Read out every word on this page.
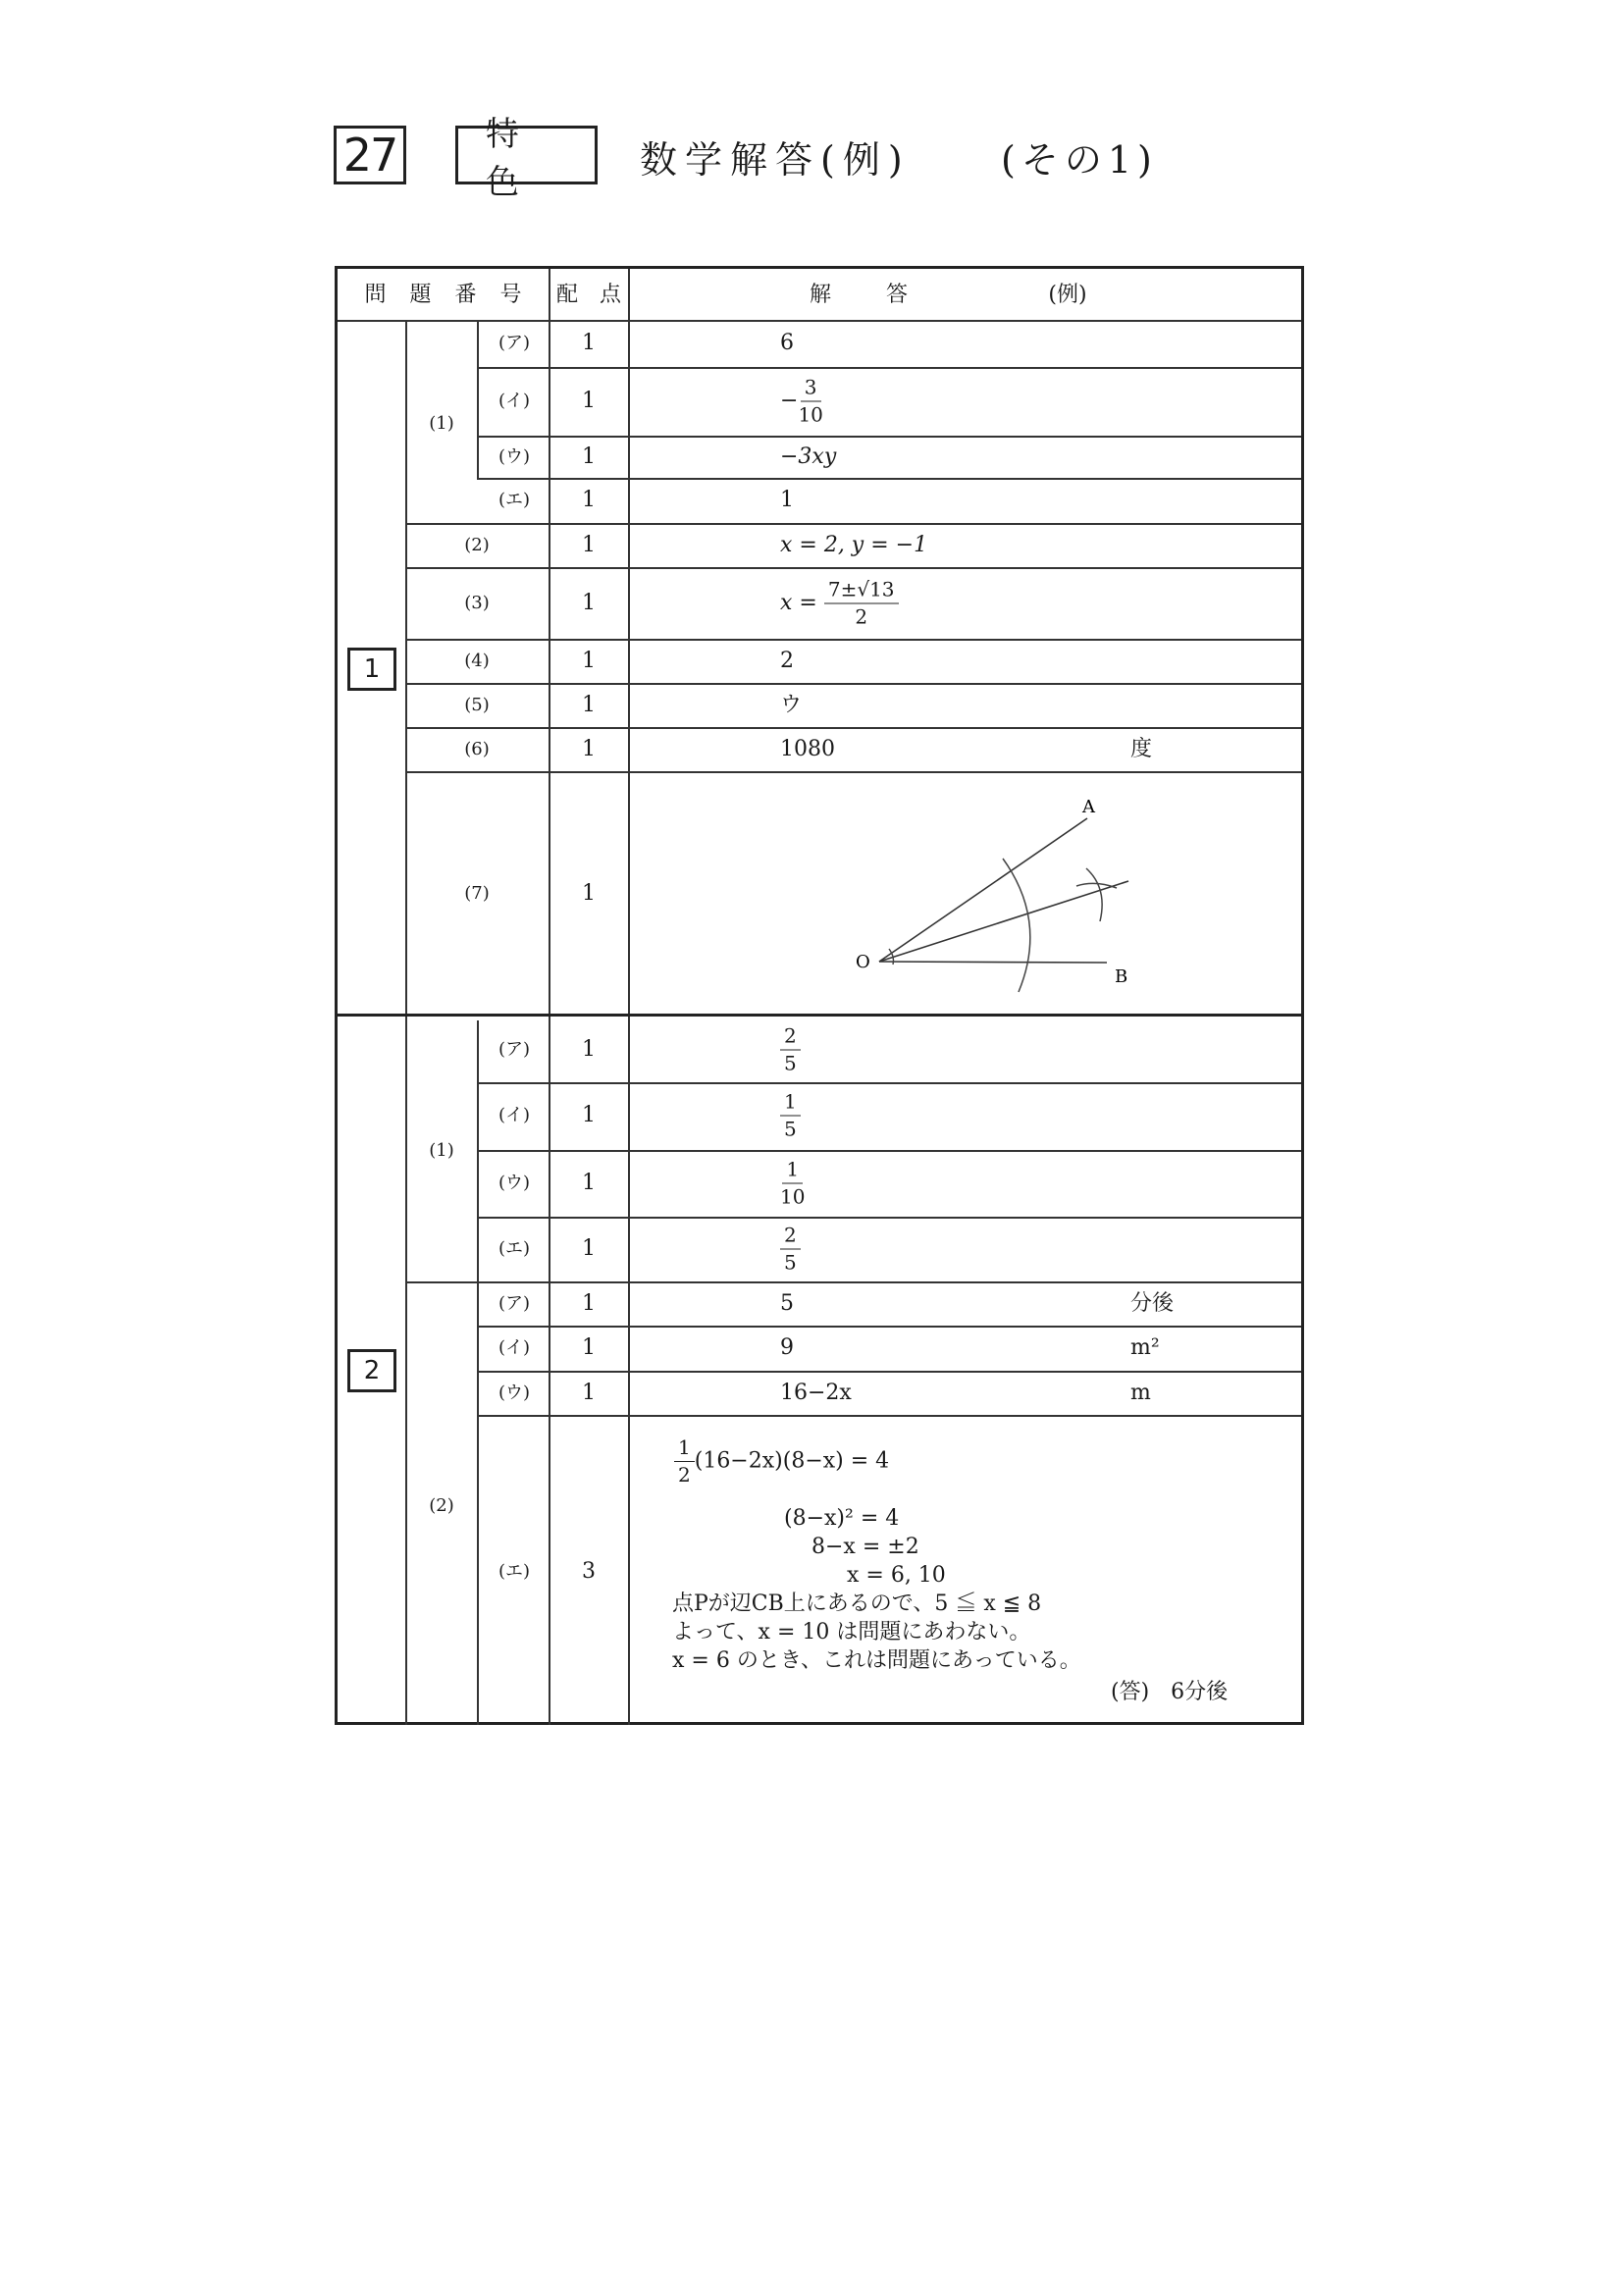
27	特色
数学解答(例) (その1)
問　題　番　号 配　点	解　　答	(例)
1
(1)
(ア) 1	6
(イ) 1	− $\frac{3}{10}$
(ウ) 1	−3xy
(エ) 1	1
(2)	1	x = 2, y = −1
(3)	1	$x = \frac{7\pm√13}{2}$
(4)	1	2
(5)	1	ウ
(6)	1	1080	度
(7)	1
A
O
B
2
(1)
(2)
(ア) 1	$\frac{2}{5}$
(イ) 1	$\frac{1}{5}$
(ウ) 1	$\frac{1}{10}$
(エ) 1	$\frac{2}{5}$
(ア) 1	5	分後
(イ) 1	9	m²
(ウ) 1	16−2x	m
(エ) 3
$\frac{1}{2} (16-2x)(8-x) = 4$
(8−x)² = 4
8−x = ±2
x = 6, 10
点Pが辺CB上にあるので、5 ≦ x ≦ 8
よって、x = 10 は問題にあわない。
x = 6 のとき、これは問題にあっている。
(答)　6分後
